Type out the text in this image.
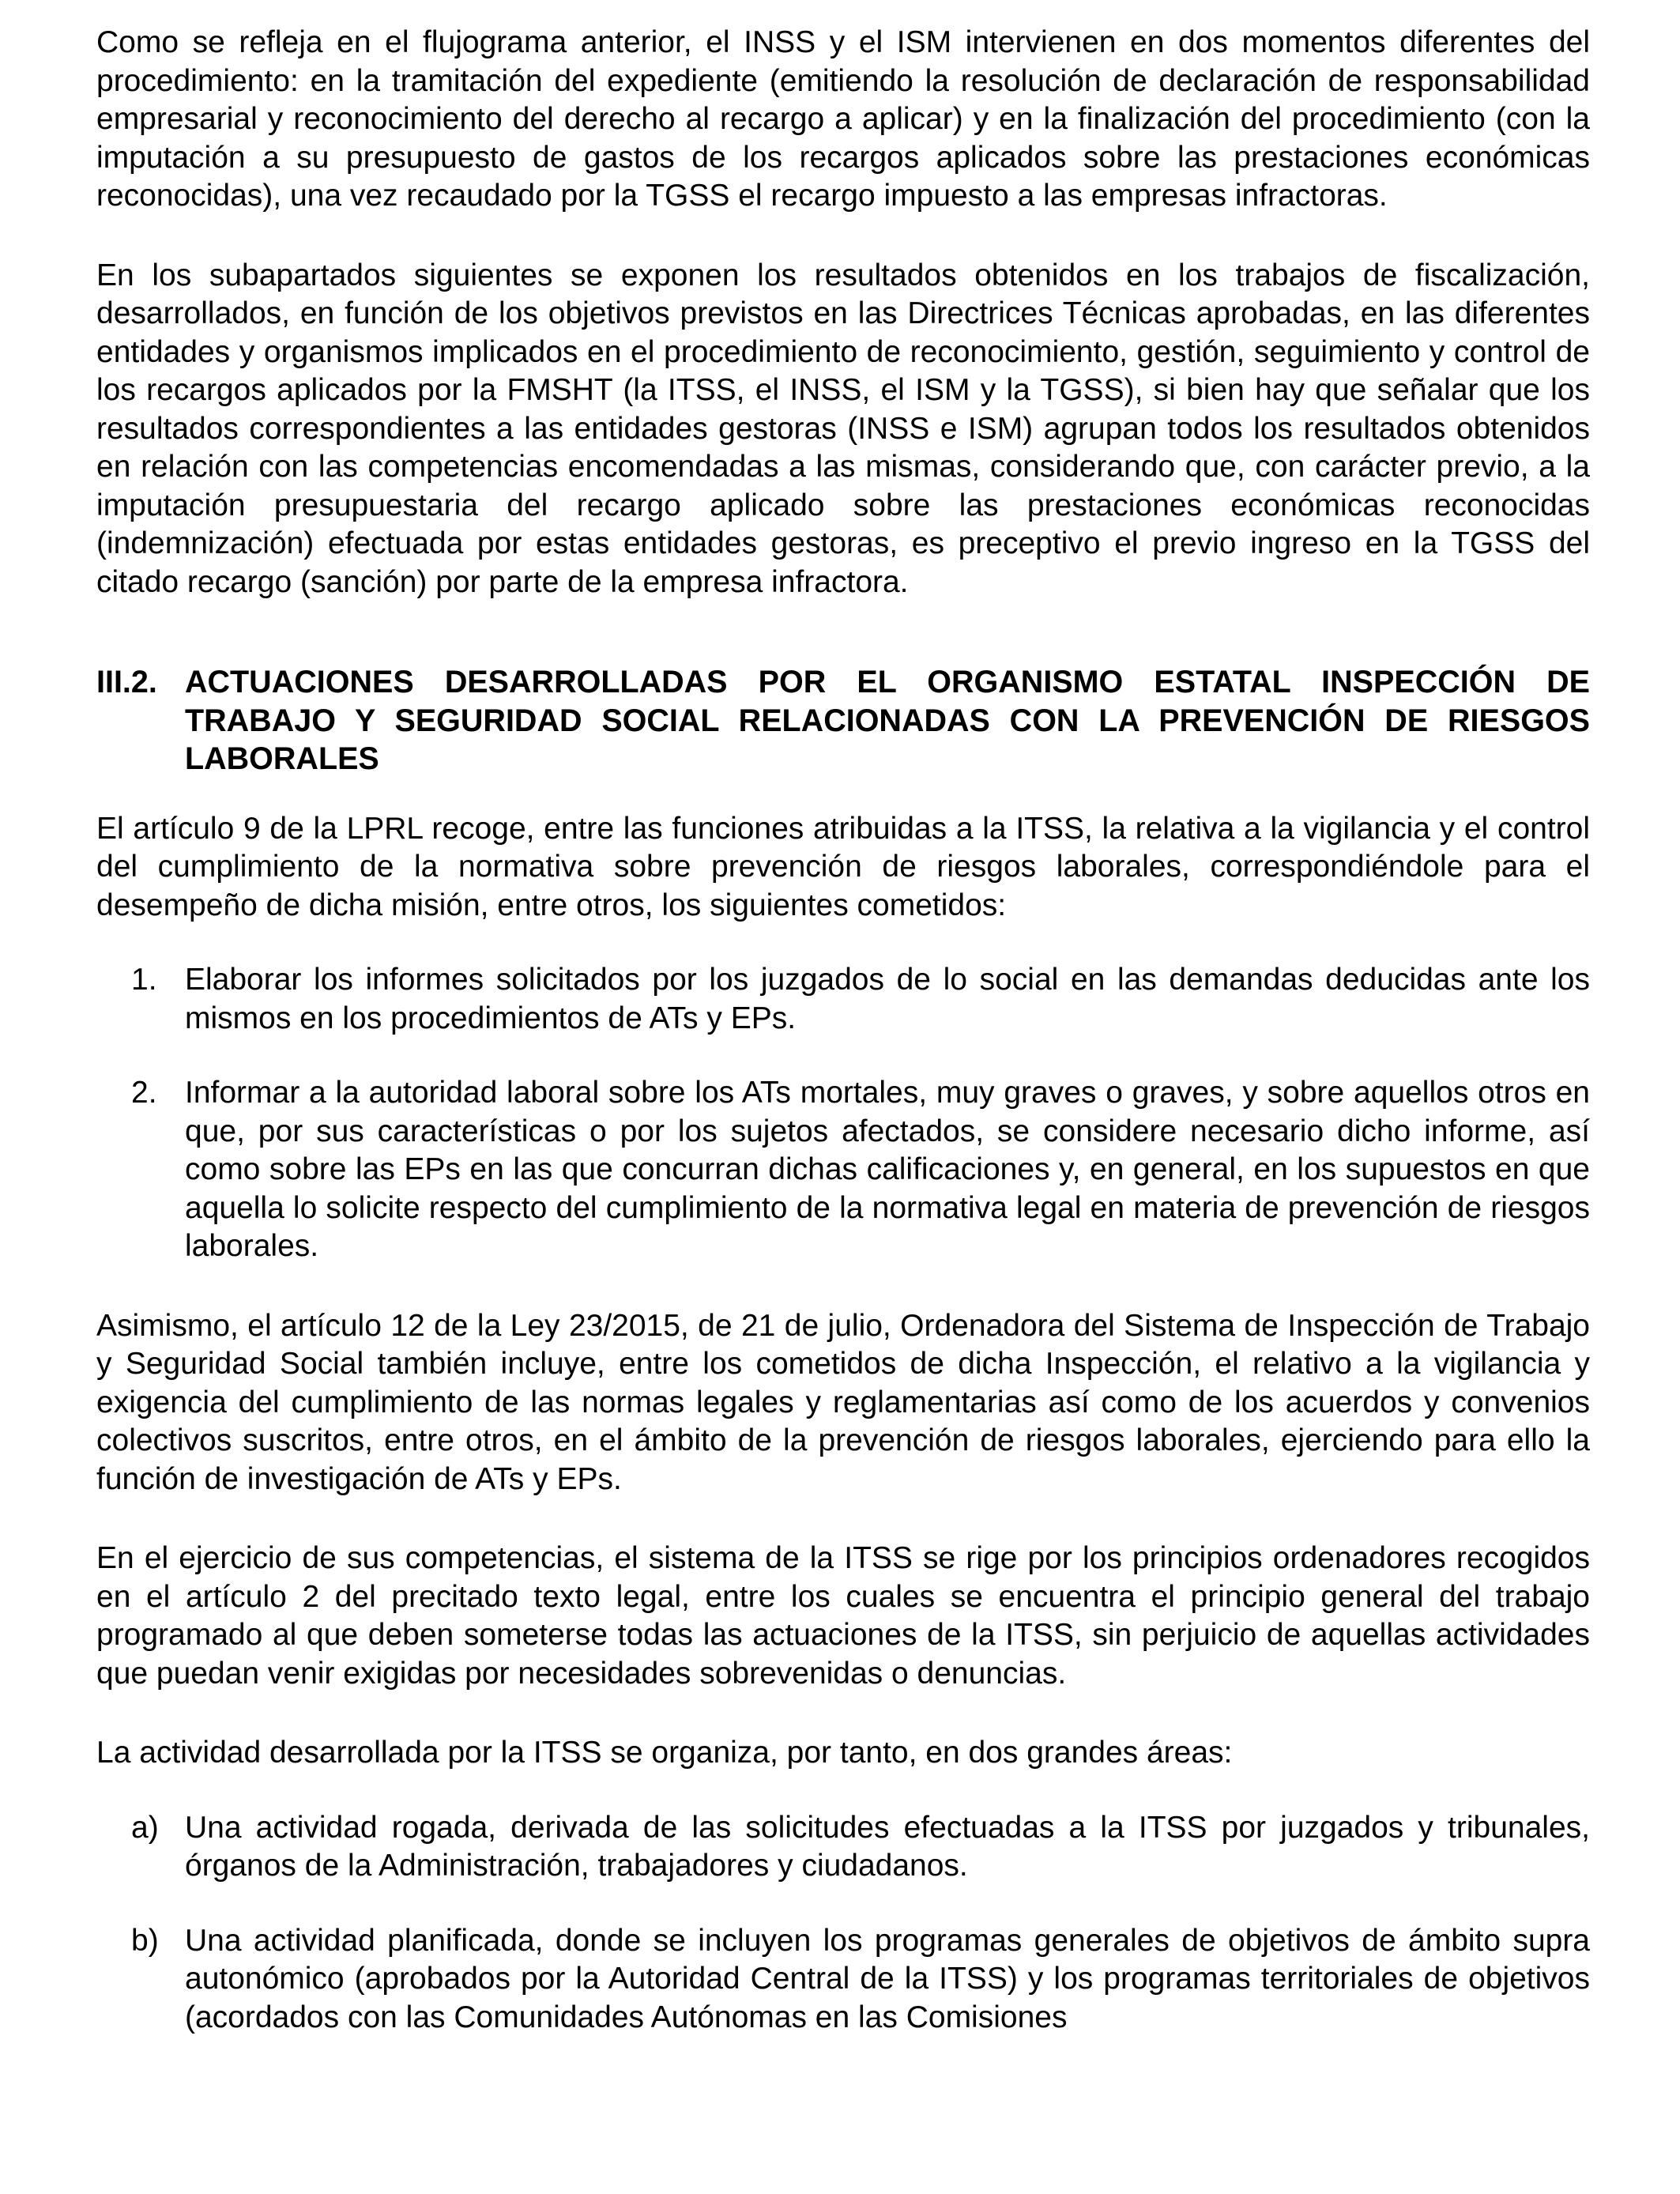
Como se refleja en el flujograma anterior, el INSS y el ISM intervienen en dos momentos diferentes del procedimiento: en la tramitación del expediente (emitiendo la resolución de declaración de responsabilidad empresarial y reconocimiento del derecho al recargo a aplicar) y en la finalización del procedimiento (con la imputación a su presupuesto de gastos de los recargos aplicados sobre las prestaciones económicas reconocidas), una vez recaudado por la TGSS el recargo impuesto a las empresas infractoras.

En los subapartados siguientes se exponen los resultados obtenidos en los trabajos de fiscalización, desarrollados, en función de los objetivos previstos en las Directrices Técnicas aprobadas, en las diferentes entidades y organismos implicados en el procedimiento de reconocimiento, gestión, seguimiento y control de los recargos aplicados por la FMSHT (la ITSS, el INSS, el ISM y la TGSS), si bien hay que señalar que los resultados correspondientes a las entidades gestoras (INSS e ISM) agrupan todos los resultados obtenidos en relación con las competencias encomendadas a las mismas, considerando que, con carácter previo, a la imputación presupuestaria del recargo aplicado sobre las prestaciones económicas reconocidas (indemnización) efectuada por estas entidades gestoras, es preceptivo el previo ingreso en la TGSS del citado recargo (sanción) por parte de la empresa infractora.

III.2. ACTUACIONES DESARROLLADAS POR EL ORGANISMO ESTATAL INSPECCIÓN DE TRABAJO Y SEGURIDAD SOCIAL RELACIONADAS CON LA PREVENCIÓN DE RIESGOS LABORALES

El artículo 9 de la LPRL recoge, entre las funciones atribuidas a la ITSS, la relativa a la vigilancia y el control del cumplimiento de la normativa sobre prevención de riesgos laborales, correspondiéndole para el desempeño de dicha misión, entre otros, los siguientes cometidos:

1. Elaborar los informes solicitados por los juzgados de lo social en las demandas deducidas ante los mismos en los procedimientos de ATs y EPs.
2. Informar a la autoridad laboral sobre los ATs mortales, muy graves o graves, y sobre aquellos otros en que, por sus características o por los sujetos afectados, se considere necesario dicho informe, así como sobre las EPs en las que concurran dichas calificaciones y, en general, en los supuestos en que aquella lo solicite respecto del cumplimiento de la normativa legal en materia de prevención de riesgos laborales.

Asimismo, el artículo 12 de la Ley 23/2015, de 21 de julio, Ordenadora del Sistema de Inspección de Trabajo y Seguridad Social también incluye, entre los cometidos de dicha Inspección, el relativo a la vigilancia y exigencia del cumplimiento de las normas legales y reglamentarias así como de los acuerdos y convenios colectivos suscritos, entre otros, en el ámbito de la prevención de riesgos laborales, ejerciendo para ello la función de investigación de ATs y EPs.

En el ejercicio de sus competencias, el sistema de la ITSS se rige por los principios ordenadores recogidos en el artículo 2 del precitado texto legal, entre los cuales se encuentra el principio general del trabajo programado al que deben someterse todas las actuaciones de la ITSS, sin perjuicio de aquellas actividades que puedan venir exigidas por necesidades sobrevenidas o denuncias.

La actividad desarrollada por la ITSS se organiza, por tanto, en dos grandes áreas:

a) Una actividad rogada, derivada de las solicitudes efectuadas a la ITSS por juzgados y tribunales, órganos de la Administración, trabajadores y ciudadanos.
b) Una actividad planificada, donde se incluyen los programas generales de objetivos de ámbito supra autonómico (aprobados por la Autoridad Central de la ITSS) y los programas territoriales de objetivos (acordados con las Comunidades Autónomas en las Comisiones
